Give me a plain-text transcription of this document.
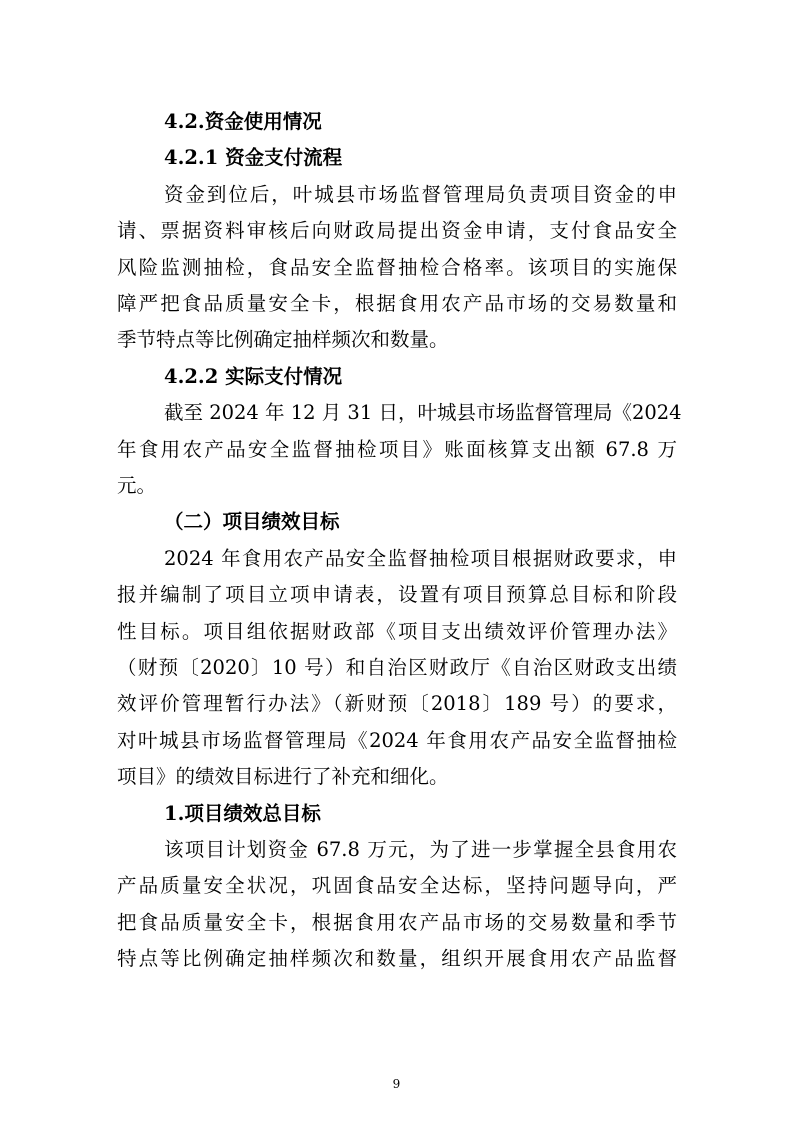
4.2.资金使用情况
4.2.1 资金支付流程
资金到位后，叶城县市场监督管理局负责项目资金的申
请、票据资料审核后向财政局提出资金申请，支付食品安全
风险监测抽检，食品安全监督抽检合格率。该项目的实施保
障严把食品质量安全卡，根据食用农产品市场的交易数量和
季节特点等比例确定抽样频次和数量。
4.2.2 实际支付情况
截至 2024 年 12 月 31 日，叶城县市场监督管理局《2024
年食用农产品安全监督抽检项目》账面核算支出额 67.8 万
元。
（二）项目绩效目标
2024 年食用农产品安全监督抽检项目根据财政要求，申
报并编制了项目立项申请表，设置有项目预算总目标和阶段
性目标。项目组依据财政部《项目支出绩效评价管理办法》
（财预〔2020〕10 号）和自治区财政厅《自治区财政支出绩
效评价管理暂行办法》（新财预〔2018〕189 号）的要求，
对叶城县市场监督管理局《2024 年食用农产品安全监督抽检
项目》的绩效目标进行了补充和细化。
1.项目绩效总目标
该项目计划资金 67.8 万元，为了进一步掌握全县食用农
产品质量安全状况，巩固食品安全达标，坚持问题导向，严
把食品质量安全卡，根据食用农产品市场的交易数量和季节
特点等比例确定抽样频次和数量，组织开展食用农产品监督
9
